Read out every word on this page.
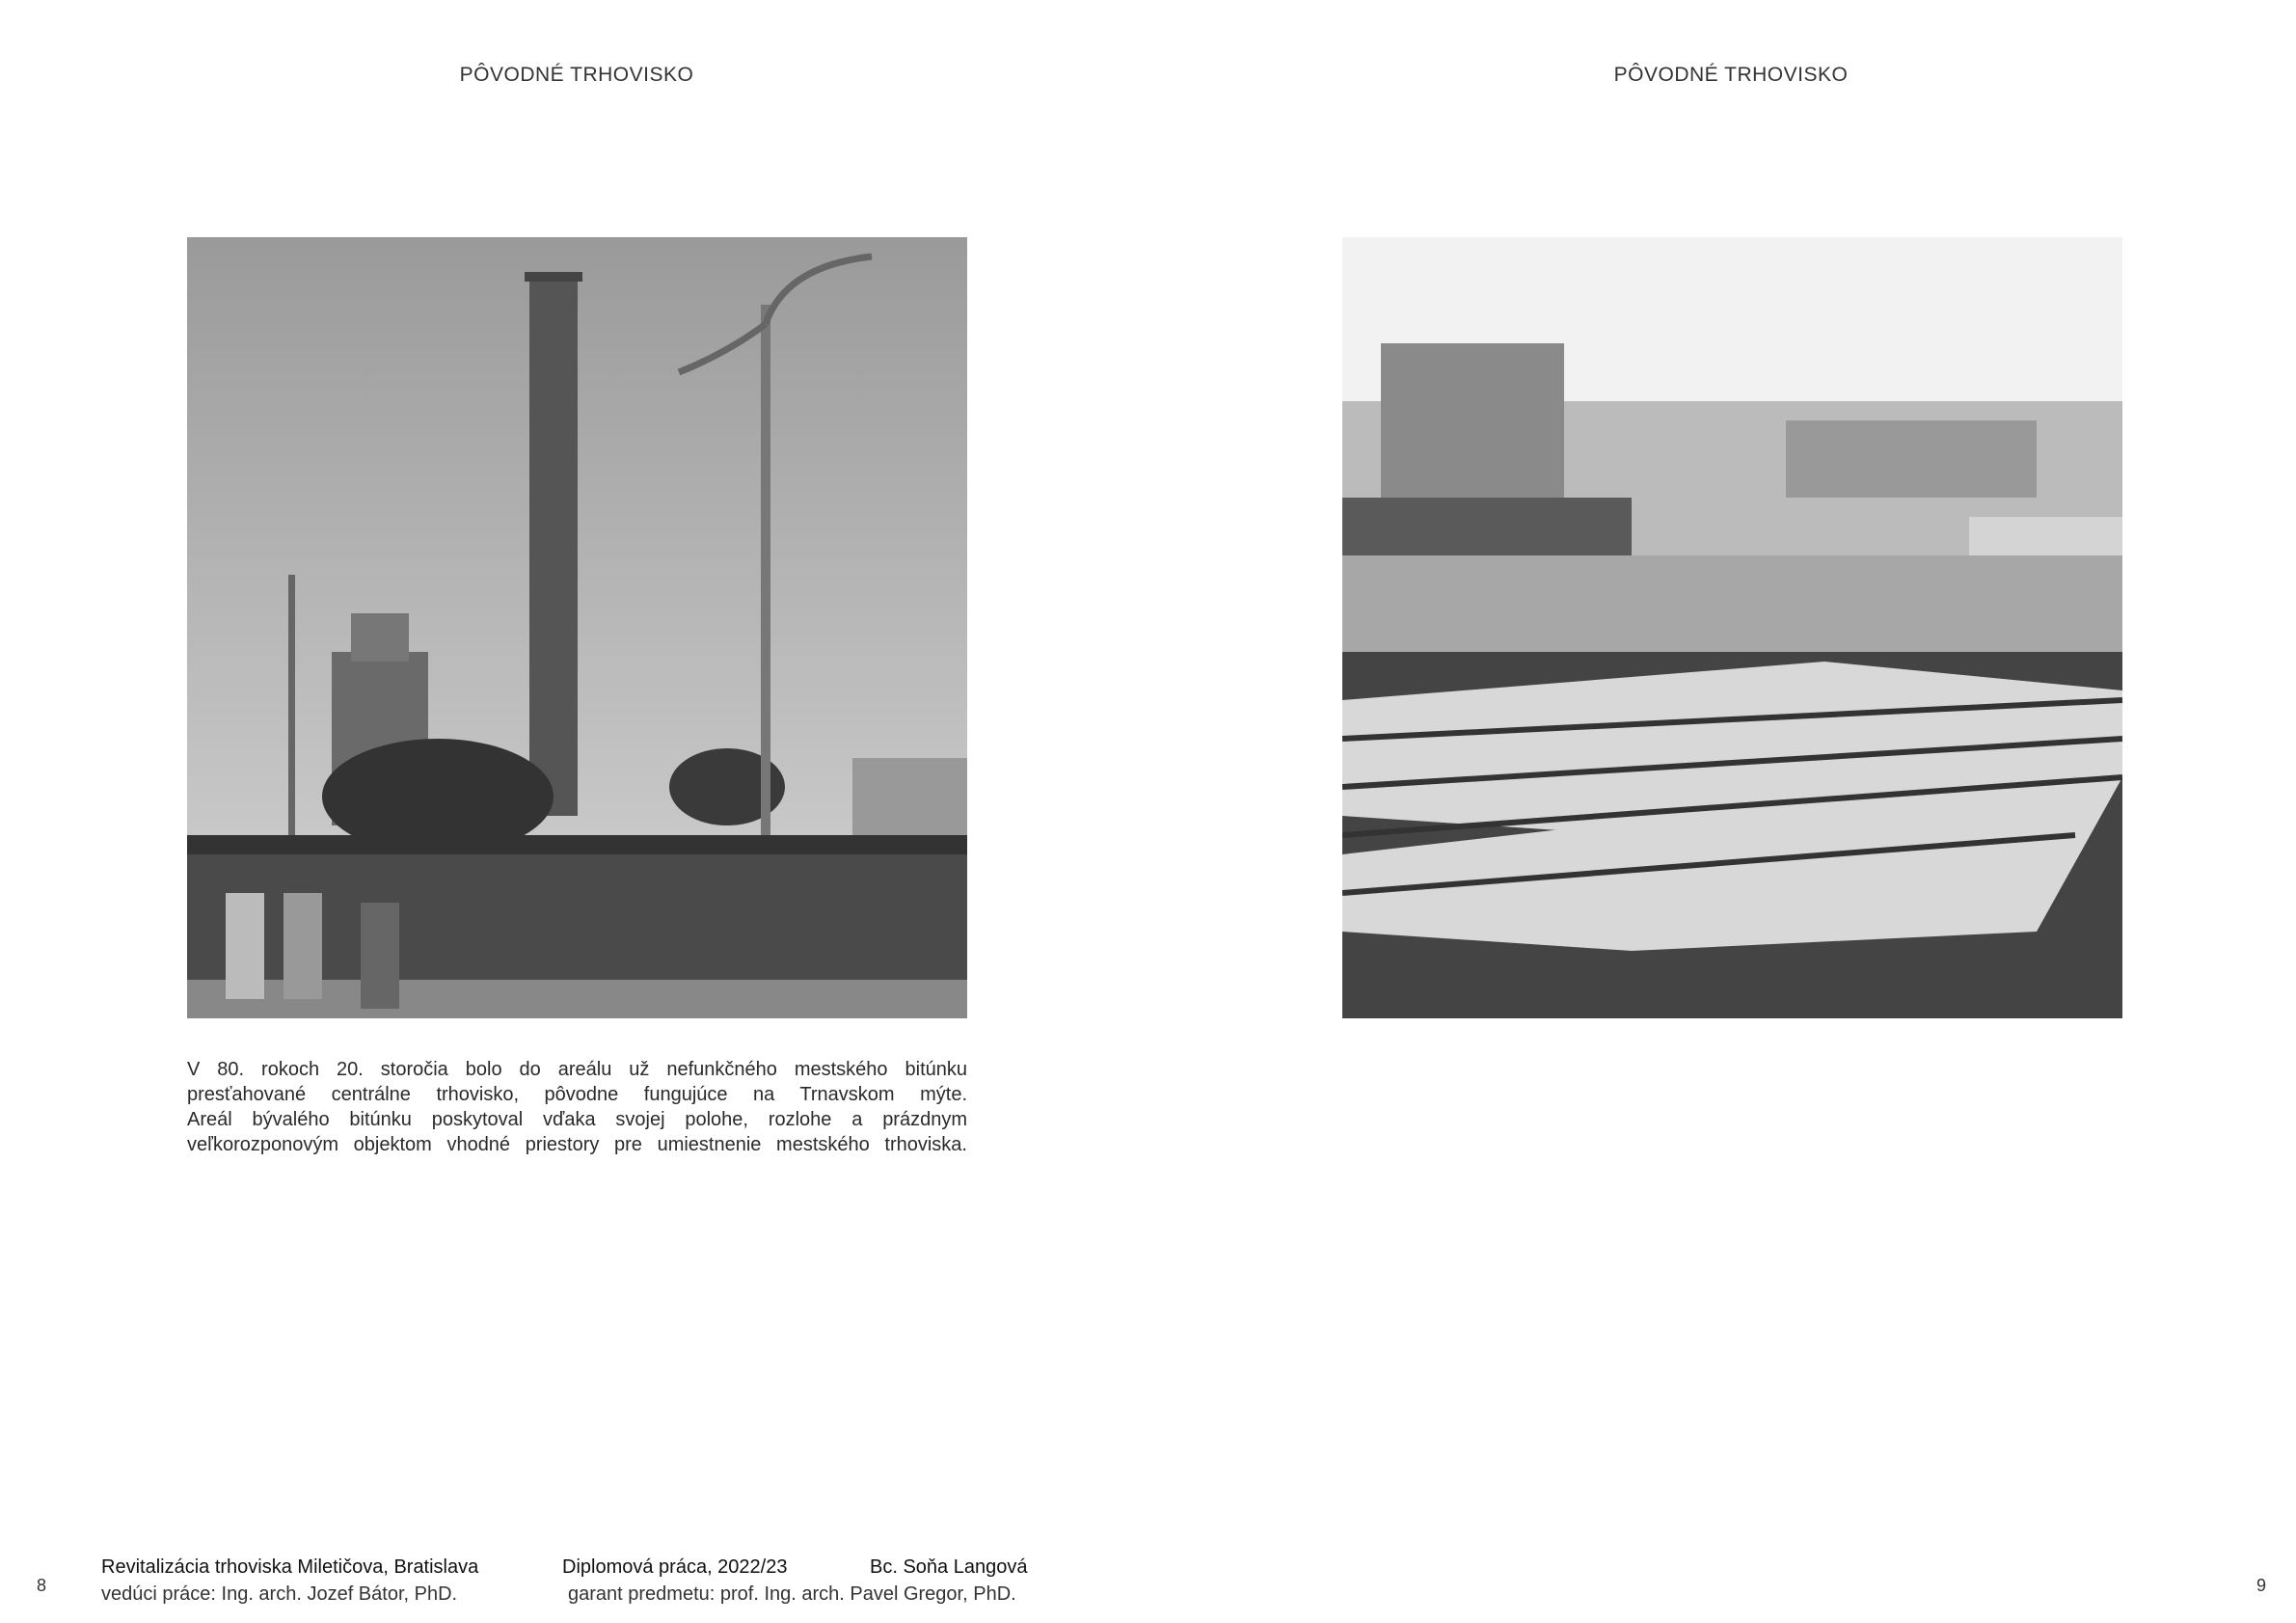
PÔVODNÉ TRHOVISKO	PÔVODNÉ TRHOVISKO

V 80. rokoch 20. storočia bolo do areálu už nefunkčného mestského bitúnku

presťahované centrálne trhovisko, pôvodne fungujúce na Trnavskom mýte.

Areál bývalého bitúnku poskytoval vďaka svojej polohe, rozlohe a prázdnym

veľkorozponovým objektom vhodné priestory pre umiestnenie mestského trhoviska.

8	9
Revitalizácia trhoviska Miletičova, Bratislava	Diplomová práca, 2022/23	Bc. Soňa Langová
vedúci práce: Ing. arch. Jozef Bátor, PhD.	garant predmetu: prof. Ing. arch. Pavel Gregor, PhD.
